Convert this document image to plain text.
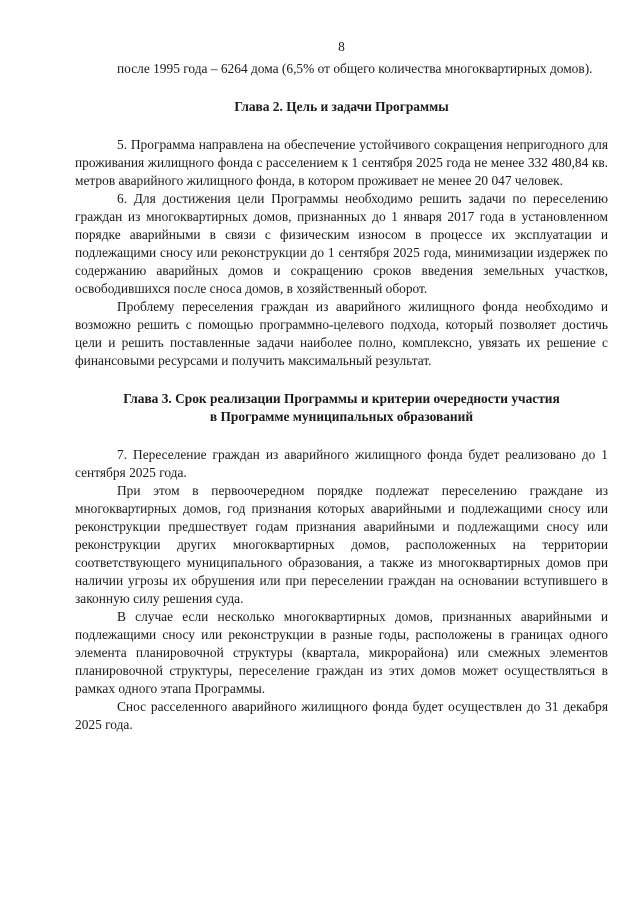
8

после 1995 года – 6264 дома (6,5% от общего количества многоквартирных домов).

Глава 2. Цель и задачи Программы

5. Программа направлена на обеспечение устойчивого сокращения непригодного для проживания жилищного фонда с расселением к 1 сентября 2025 года не менее 332 480,84 кв. метров аварийного жилищного фонда, в котором проживает не менее 20 047 человек.

6. Для достижения цели Программы необходимо решить задачи по переселению граждан из многоквартирных домов, признанных до 1 января 2017 года в установленном порядке аварийными в связи с физическим износом в процессе их эксплуатации и подлежащими сносу или реконструкции до 1 сентября 2025 года, минимизации издержек по содержанию аварийных домов и сокращению сроков введения земельных участков, освободившихся после сноса домов, в хозяйственный оборот.

Проблему переселения граждан из аварийного жилищного фонда необходимо и возможно решить с помощью программно-целевого подхода, который позволяет достичь цели и решить поставленные задачи наиболее полно, комплексно, увязать их решение с финансовыми ресурсами и получить максимальный результат.

Глава 3. Срок реализации Программы и критерии очередности участия
в Программе муниципальных образований

7. Переселение граждан из аварийного жилищного фонда будет реализовано до 1 сентября 2025 года.

При этом в первоочередном порядке подлежат переселению граждане из многоквартирных домов, год признания которых аварийными и подлежащими сносу или реконструкции предшествует годам признания аварийными и подлежащими сносу или реконструкции других многоквартирных домов, расположенных на территории соответствующего муниципального образования, а также из многоквартирных домов при наличии угрозы их обрушения или при переселении граждан на основании вступившего в законную силу решения суда.

В случае если несколько многоквартирных домов, признанных аварийными и подлежащими сносу или реконструкции в разные годы, расположены в границах одного элемента планировочной структуры (квартала, микрорайона) или смежных элементов планировочной структуры, переселение граждан из этих домов может осуществляться в рамках одного этапа Программы.

Снос расселенного аварийного жилищного фонда будет осуществлен до 31 декабря 2025 года.
